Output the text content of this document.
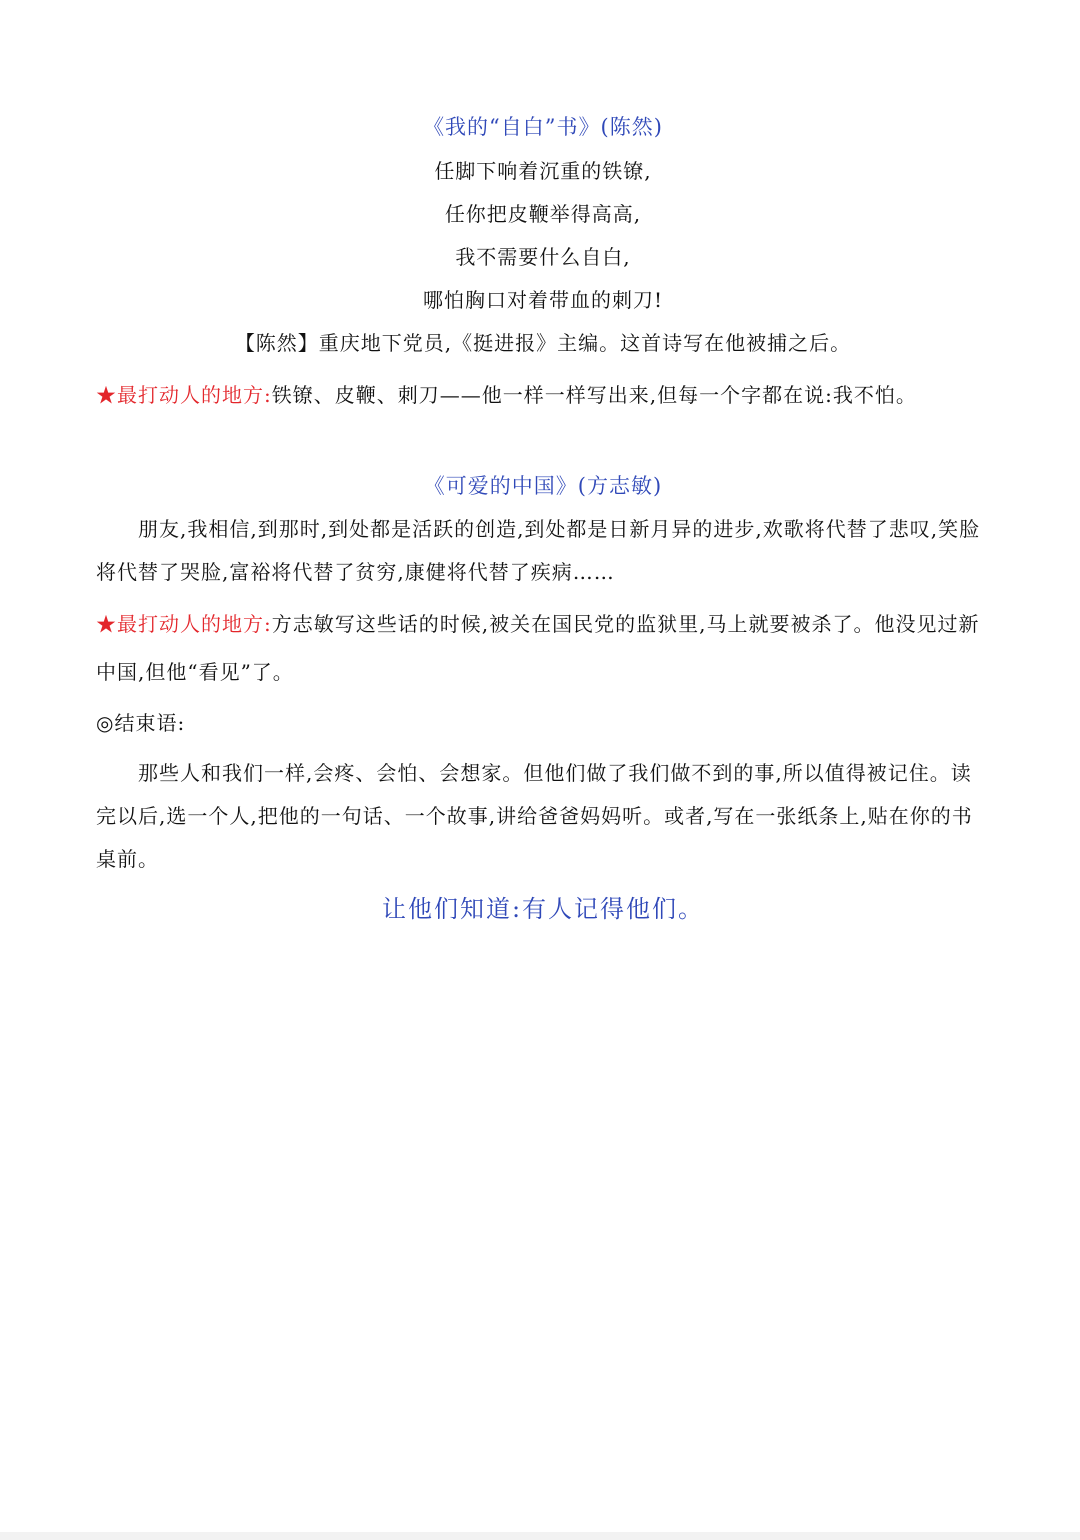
《我的“自白”书》(陈然)

任脚下响着沉重的铁镣,

任你把皮鞭举得高高,

我不需要什么自白,

哪怕胸口对着带血的刺刀!

【陈然】重庆地下党员,《挺进报》主编。这首诗写在他被捕之后。

★最打动人的地方:铁镣、皮鞭、刺刀——他一样一样写出来,但每一个字都在说:我不怕。

《可爱的中国》(方志敏)

朋友,我相信,到那时,到处都是活跃的创造,到处都是日新月异的进步,欢歌将代替了悲叹,笑脸将代替了哭脸,富裕将代替了贫穷,康健将代替了疾病……

★最打动人的地方:方志敏写这些话的时候,被关在国民党的监狱里,马上就要被杀了。他没见过新中国,但他“看见”了。

◎结束语:

那些人和我们一样,会疼、会怕、会想家。但他们做了我们做不到的事,所以值得被记住。读完以后,选一个人,把他的一句话、一个故事,讲给爸爸妈妈听。或者,写在一张纸条上,贴在你的书桌前。

让他们知道:有人记得他们。
